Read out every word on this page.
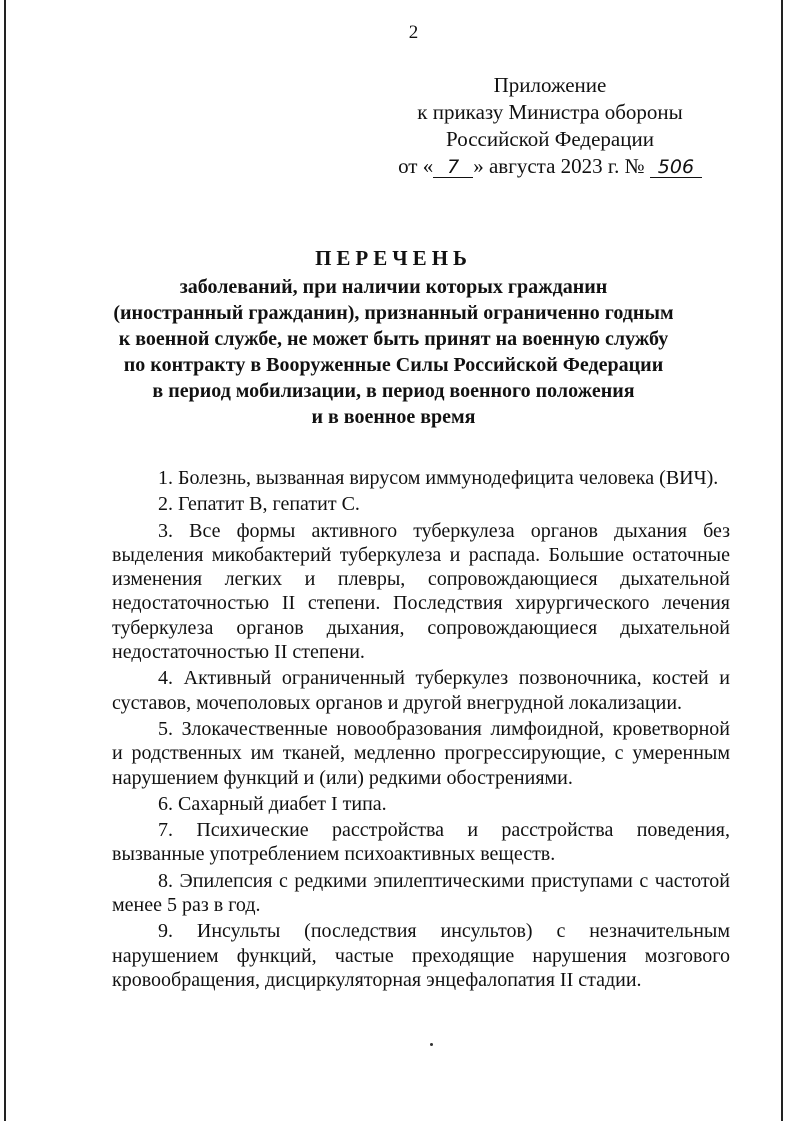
2
Приложение
к приказу Министра обороны
Российской Федерации
от « 7 » августа 2023 г. № 506
ПЕРЕЧЕНЬ
заболеваний, при наличии которых гражданин
(иностранный гражданин), признанный ограниченно годным
к военной службе, не может быть принят на военную службу
по контракту в Вооруженные Силы Российской Федерации
в период мобилизации, в период военного положения
и в военное время

1. Болезнь, вызванная вирусом иммунодефицита человека (ВИЧ).

2. Гепатит В, гепатит С.

3. Все формы активного туберкулеза органов дыхания без выделения микобактерий туберкулеза и распада. Большие остаточные изменения легких и плевры, сопровождающиеся дыхательной недостаточностью II степени. Последствия хирургического лечения туберкулеза органов дыхания, сопровождающиеся дыхательной недостаточностью II степени.

4. Активный ограниченный туберкулез позвоночника, костей и суставов, мочеполовых органов и другой внегрудной локализации.

5. Злокачественные новообразования лимфоидной, кроветворной и родственных им тканей, медленно прогрессирующие, с умеренным нарушением функций и (или) редкими обострениями.

6. Сахарный диабет I типа.

7. Психические расстройства и расстройства поведения, вызванные употреблением психоактивных веществ.

8. Эпилепсия с редкими эпилептическими приступами с частотой менее 5 раз в год.

9. Инсульты (последствия инсультов) с незначительным нарушением функций, частые преходящие нарушения мозгового кровообращения, дисциркуляторная энцефалопатия II стадии.
